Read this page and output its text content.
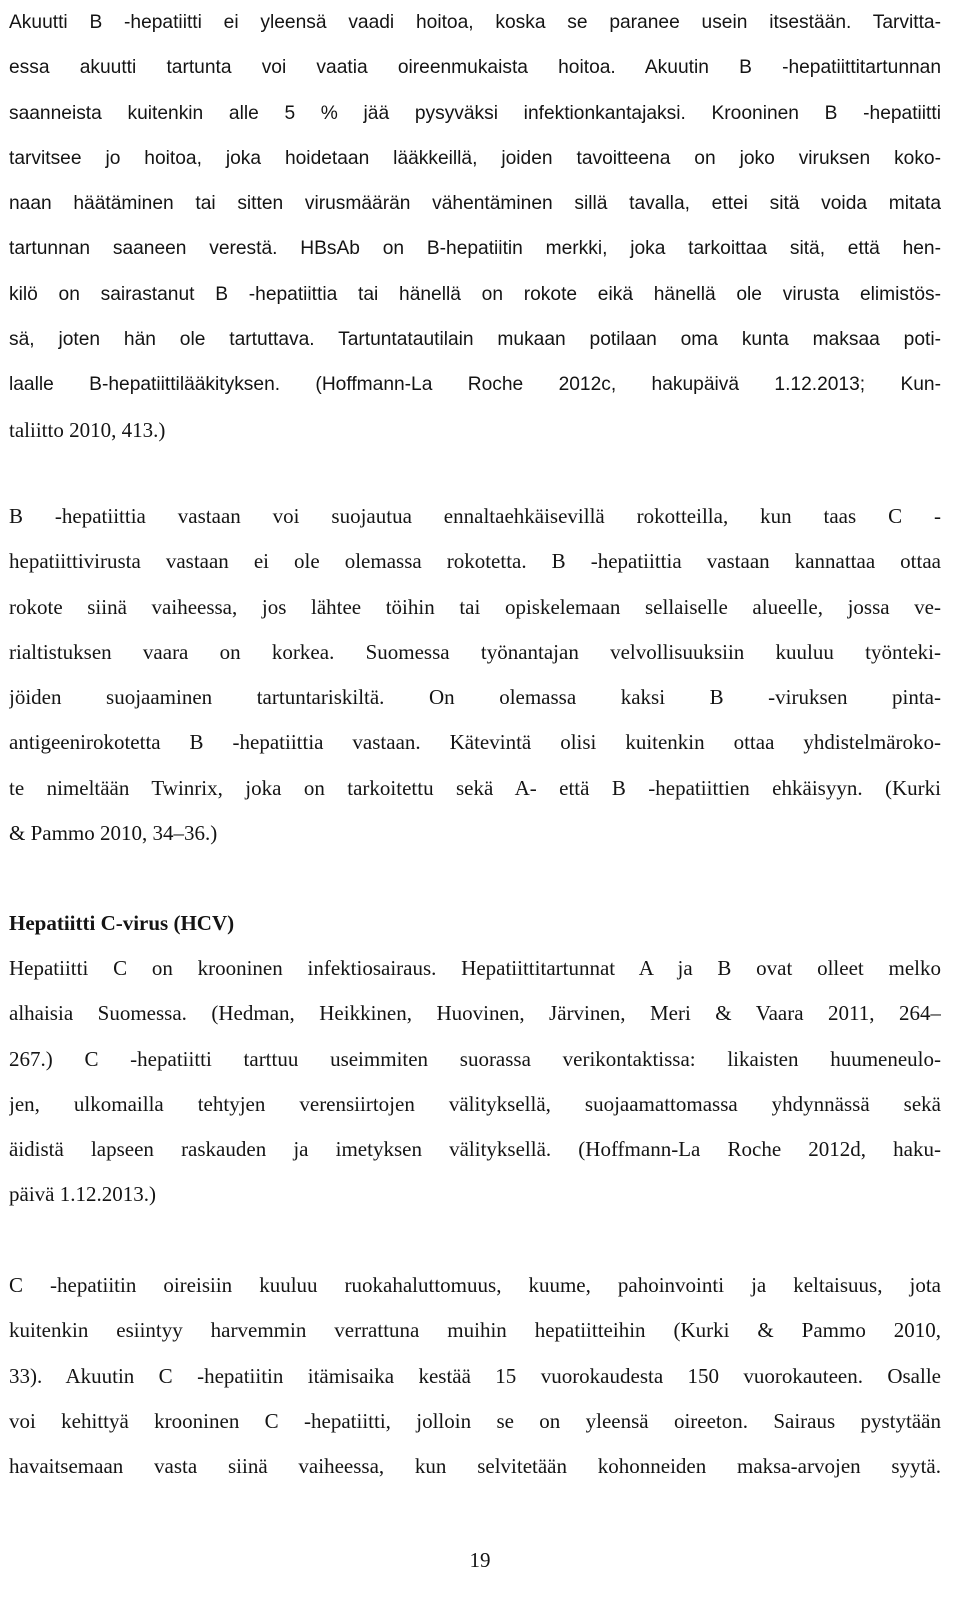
Akuutti B -hepatiitti ei yleensä vaadi hoitoa, koska se paranee usein itsestään. Tarvitta-
essa akuutti tartunta voi vaatia oireenmukaista hoitoa. Akuutin B -hepatiittitartunnan
saanneista kuitenkin alle 5 % jää pysyväksi infektionkantajaksi. Krooninen B -hepatiitti
tarvitsee jo hoitoa, joka hoidetaan lääkkeillä, joiden tavoitteena on joko viruksen koko-
naan häätäminen tai sitten virusmäärän vähentäminen sillä tavalla, ettei sitä voida mitata
tartunnan saaneen verestä. HBsAb on B-hepatiitin merkki, joka tarkoittaa sitä, että hen-
kilö on sairastanut B -hepatiittia tai hänellä on rokote eikä hänellä ole virusta elimistös-
sä, joten hän ole tartuttava. Tartuntatautilain mukaan potilaan oma kunta maksaa poti-
laalle B-hepatiittilääkityksen. (Hoffmann-La Roche 2012c, hakupäivä 1.12.2013; Kun-
taliitto 2010, 413.)
B -hepatiittia vastaan voi suojautua ennaltaehkäisevillä rokotteilla, kun taas C -
hepatiittivirusta vastaan ei ole olemassa rokotetta. B -hepatiittia vastaan kannattaa ottaa
rokote siinä vaiheessa, jos lähtee töihin tai opiskelemaan sellaiselle alueelle, jossa ve-
rialtistuksen vaara on korkea. Suomessa työnantajan velvollisuuksiin kuuluu työnteki-
jöiden suojaaminen tartuntariskiltä. On olemassa kaksi B -viruksen pinta-
antigeenirokotetta B -hepatiittia vastaan. Kätevintä olisi kuitenkin ottaa yhdistelmäroko-
te nimeltään Twinrix, joka on tarkoitettu sekä A- että B -hepatiittien ehkäisyyn. (Kurki
& Pammo 2010, 34–36.)
Hepatiitti C-virus (HCV)
Hepatiitti C on krooninen infektiosairaus. Hepatiittitartunnat A ja B ovat olleet melko
alhaisia Suomessa. (Hedman, Heikkinen, Huovinen, Järvinen, Meri & Vaara 2011, 264–
267.) C -hepatiitti tarttuu useimmiten suorassa verikontaktissa: likaisten huumeneulo-
jen, ulkomailla tehtyjen verensiirtojen välityksellä, suojaamattomassa yhdynnässä sekä
äidistä lapseen raskauden ja imetyksen välityksellä. (Hoffmann-La Roche 2012d, haku-
päivä 1.12.2013.)
C -hepatiitin oireisiin kuuluu ruokahaluttomuus, kuume, pahoinvointi ja keltaisuus, jota
kuitenkin esiintyy harvemmin verrattuna muihin hepatiitteihin (Kurki & Pammo 2010,
33). Akuutin C -hepatiitin itämisaika kestää 15 vuorokaudesta 150 vuorokauteen. Osalle
voi kehittyä krooninen C -hepatiitti, jolloin se on yleensä oireeton. Sairaus pystytään
havaitsemaan vasta siinä vaiheessa, kun selvitetään kohonneiden maksa-arvojen syytä.
19
